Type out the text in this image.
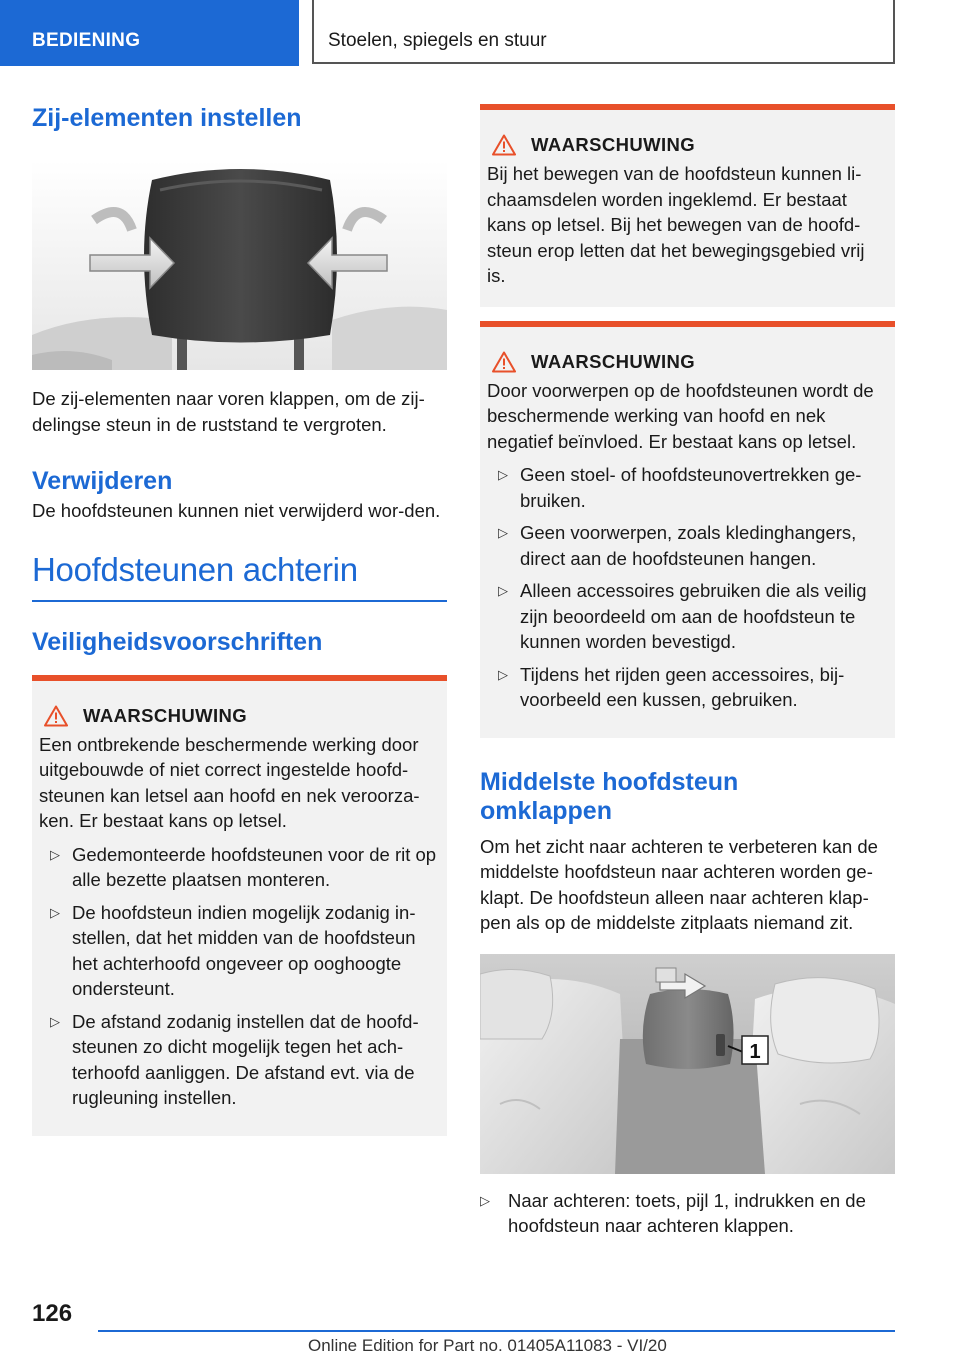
BEDIENING	Stoelen, spiegels en stuur
Zij-elementen instellen

De zij-elementen naar voren klappen, om de zij-delingse steun in de ruststand te vergroten.

Verwijderen

De hoofdsteunen kunnen niet verwijderd wor-den.

Hoofdsteunen achterin
Veiligheidsvoorschriften
WAARSCHUWING

Een ontbrekende beschermende werking door uitgebouwde of niet correct ingestelde hoofd-steunen kan letsel aan hoofd en nek veroorza-ken. Er bestaat kans op letsel.

▷ Gedemonteerde hoofdsteunen voor de rit op alle bezette plaatsen monteren.
▷ De hoofdsteun indien mogelijk zodanig in-stellen, dat het midden van de hoofdsteun het achterhoofd ongeveer op ooghoogte ondersteunt.
▷ De afstand zodanig instellen dat de hoofd-steunen zo dicht mogelijk tegen het ach-terhoofd aanliggen. De afstand evt. via de rugleuning instellen.
WAARSCHUWING

Bij het bewegen van de hoofdsteun kunnen li-chaamsdelen worden ingeklemd. Er bestaat kans op letsel. Bij het bewegen van de hoofd-steun erop letten dat het bewegingsgebied vrij is.

WAARSCHUWING

Door voorwerpen op de hoofdsteunen wordt de beschermende werking van hoofd en nek negatief beïnvloed. Er bestaat kans op letsel.

▷ Geen stoel- of hoofdsteunovertrekken ge-bruiken.
▷ Geen voorwerpen, zoals kledinghangers, direct aan de hoofdsteunen hangen.
▷ Alleen accessoires gebruiken die als veilig zijn beoordeeld om aan de hoofdsteun te kunnen worden bevestigd.
▷ Tijdens het rijden geen accessoires, bij-voorbeeld een kussen, gebruiken.
Middelste hoofdsteun omklappen

Om het zicht naar achteren te verbeteren kan de middelste hoofdsteun naar achteren worden ge-klapt. De hoofdsteun alleen naar achteren klap-pen als op de middelste zitplaats niemand zit.

1
▷ Naar achteren: toets, pijl 1, indrukken en de hoofdsteun naar achteren klappen.
126
Online Edition for Part no. 01405A11083 - VI/20
